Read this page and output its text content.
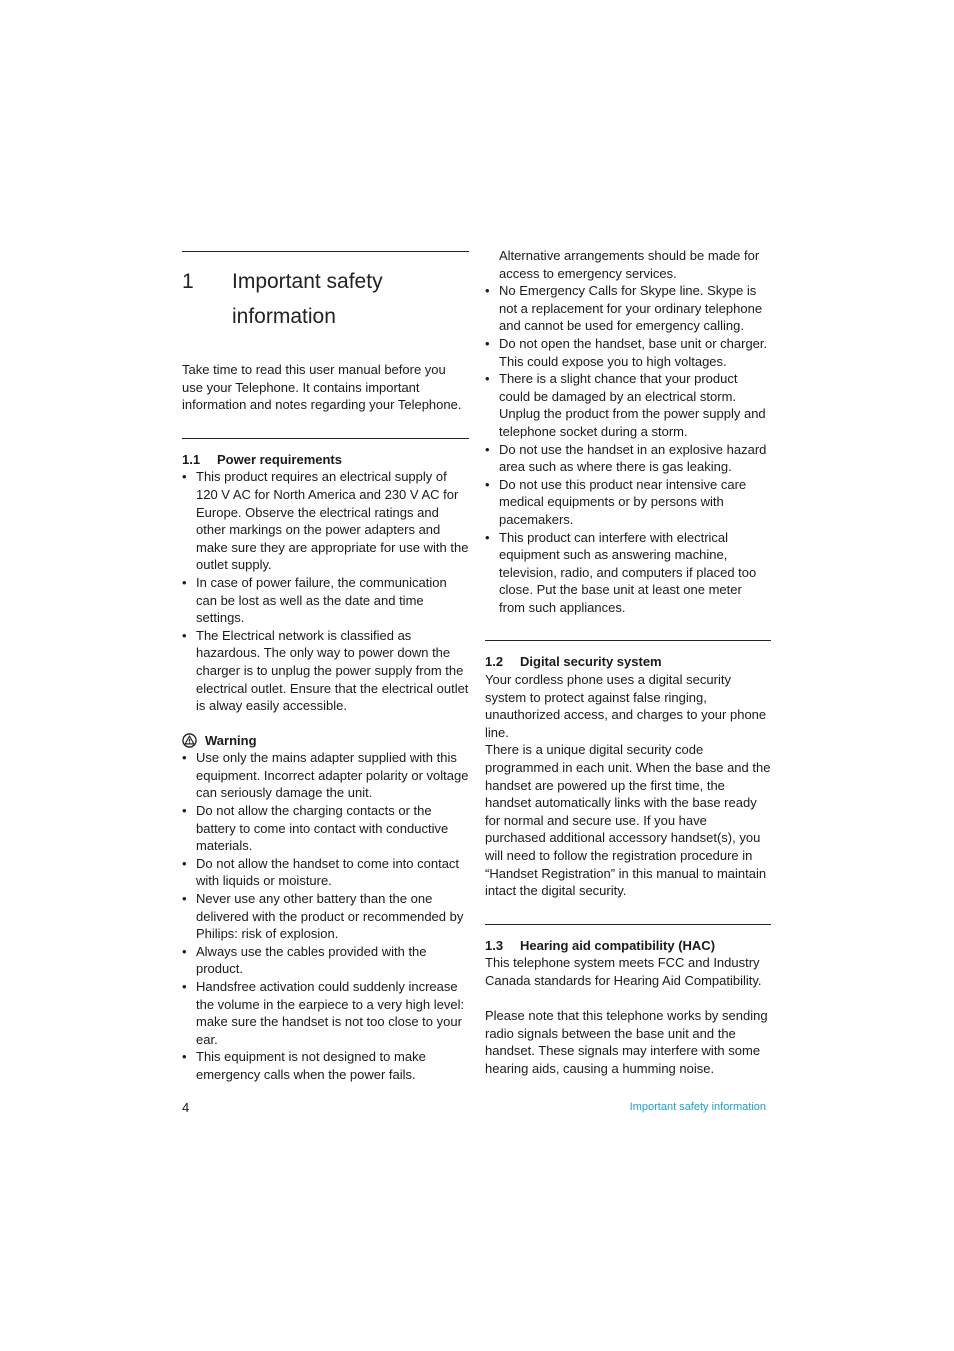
1	Important safety
information

Take time to read this user manual before you use your Telephone. It contains important information and notes regarding your Telephone.

1.1	Power requirements
• This product requires an electrical supply of 120 V AC for North America and 230 V AC for Europe. Observe the electrical ratings and other markings on the power adapters and make sure they are appropriate for use with the outlet supply.
• In case of power failure, the communication can be lost as well as the date and time settings.
• The Electrical network is classified as hazardous. The only way to power down the charger is to unplug the power supply from the electrical outlet. Ensure that the electrical outlet is alway easily accessible.
Warning
• Use only the mains adapter supplied with this equipment. Incorrect adapter polarity or voltage can seriously damage the unit.
• Do not allow the charging contacts or the battery to come into contact with conductive materials.
• Do not allow the handset to come into contact with liquids or moisture.
• Never use any other battery than the one delivered with the product or recommended by Philips: risk of explosion.
• Always use the cables provided with the product.
• Handsfree activation could suddenly increase the volume in the earpiece to a very high level: make sure the handset is not too close to your ear.
• This equipment is not designed to make emergency calls when the power fails.
Alternative arrangements should be made for access to emergency services.
• No Emergency Calls for Skype line. Skype is not a replacement for your ordinary telephone and cannot be used for emergency calling.
• Do not open the handset, base unit or charger. This could expose you to high voltages.
• There is a slight chance that your product could be damaged by an electrical storm. Unplug the product from the power supply and telephone socket during a storm.
• Do not use the handset in an explosive hazard area such as where there is gas leaking.
• Do not use this product near intensive care medical equipments or by persons with pacemakers.
• This product can interfere with electrical equipment such as answering machine, television, radio, and computers if placed too close. Put the base unit at least one meter from such appliances.
1.2	Digital security system
Your cordless phone uses a digital security system to protect against false ringing, unauthorized access, and charges to your phone line.
There is a unique digital security code programmed in each unit. When the base and the handset are powered up the first time, the handset automatically links with the base ready for normal and secure use. If you have purchased additional accessory handset(s), you will need to follow the registration procedure in “Handset Registration” in this manual to maintain intact the digital security.
1.3	Hearing aid compatibility (HAC)
This telephone system meets FCC and Industry Canada standards for Hearing Aid Compatibility.
Please note that this telephone works by sending radio signals between the base unit and the handset. These signals may interfere with some hearing aids, causing a humming noise.
4	Important safety information
